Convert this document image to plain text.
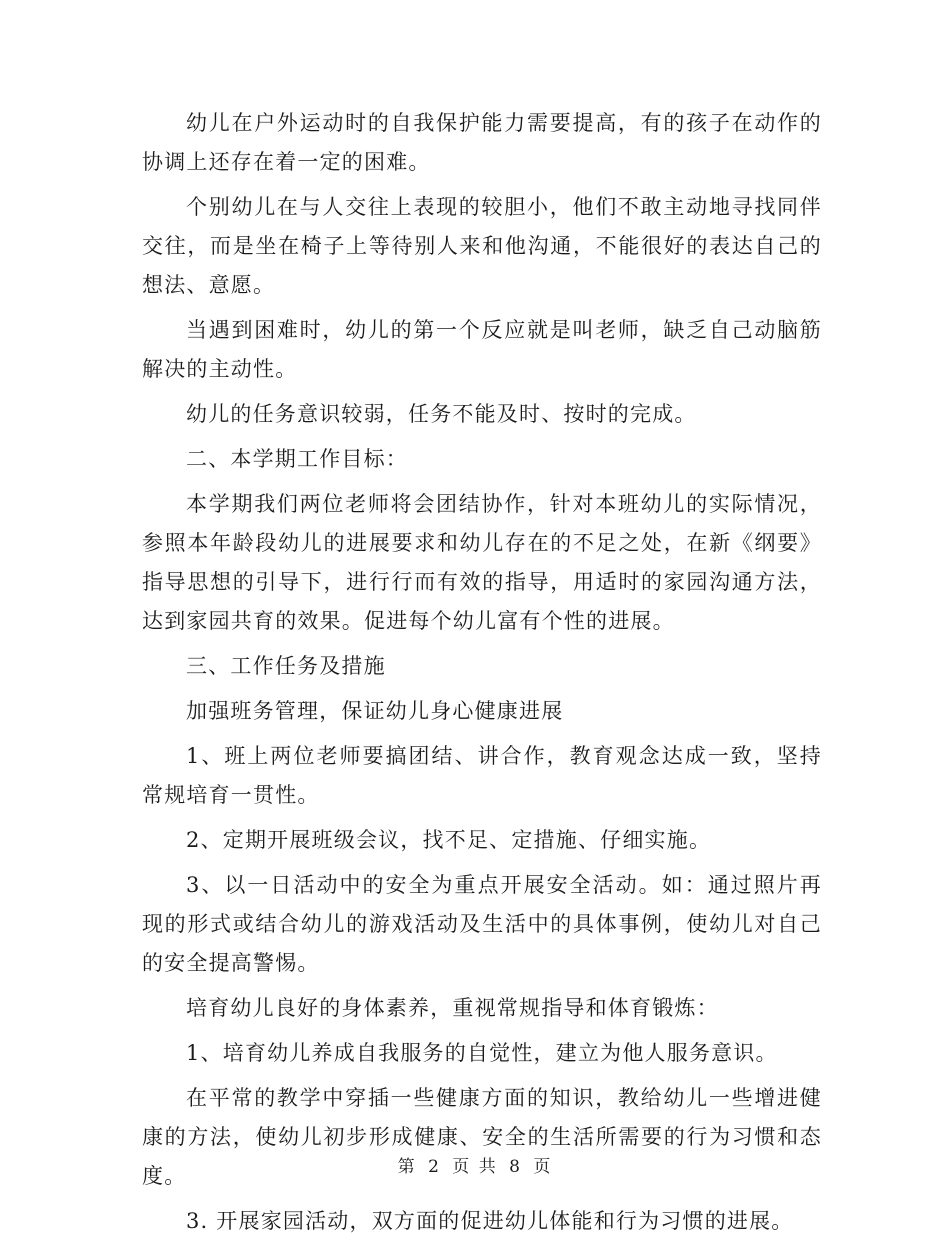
幼儿在户外运动时的自我保护能力需要提高，有的孩子在动作的协调上还存在着一定的困难。

个别幼儿在与人交往上表现的较胆小，他们不敢主动地寻找同伴交往，而是坐在椅子上等待别人来和他沟通，不能很好的表达自己的想法、意愿。

当遇到困难时，幼儿的第一个反应就是叫老师，缺乏自己动脑筋解决的主动性。

幼儿的任务意识较弱，任务不能及时、按时的完成。

二、本学期工作目标：

本学期我们两位老师将会团结协作，针对本班幼儿的实际情况，参照本年龄段幼儿的进展要求和幼儿存在的不足之处，在新《纲要》指导思想的引导下，进行行而有效的指导，用适时的家园沟通方法，达到家园共育的效果。促进每个幼儿富有个性的进展。

三、工作任务及措施

加强班务管理，保证幼儿身心健康进展

1、班上两位老师要搞团结、讲合作，教育观念达成一致，坚持常规培育一贯性。

2、定期开展班级会议，找不足、定措施、仔细实施。

3、以一日活动中的安全为重点开展安全活动。如：通过照片再现的形式或结合幼儿的游戏活动及生活中的具体事例，使幼儿对自己的安全提高警惕。

培育幼儿良好的身体素养，重视常规指导和体育锻炼：

1、培育幼儿养成自我服务的自觉性，建立为他人服务意识。

在平常的教学中穿插一些健康方面的知识，教给幼儿一些增进健康的方法，使幼儿初步形成健康、安全的生活所需要的行为习惯和态度。

3. 开展家园活动，双方面的促进幼儿体能和行为习惯的进展。

第 2 页 共 8 页
